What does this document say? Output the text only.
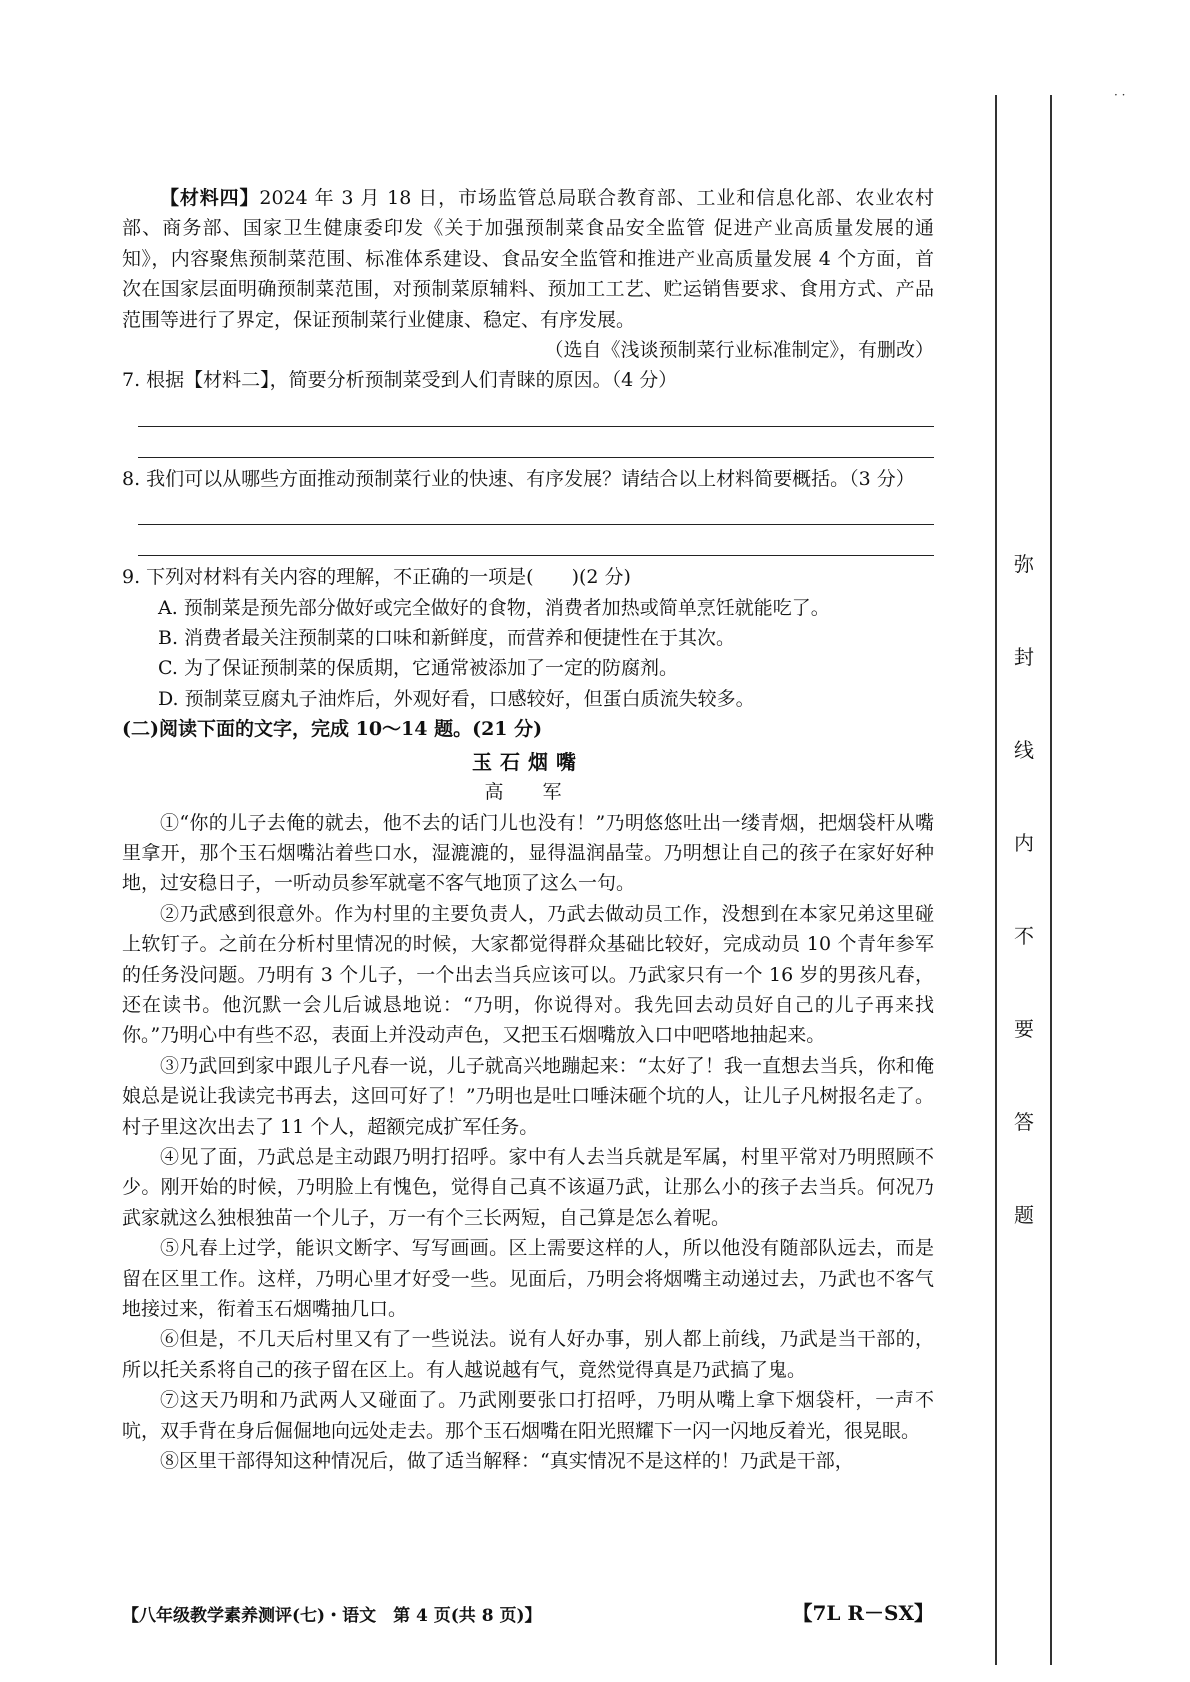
· ·

【材料四】2024 年 3 月 18 日，市场监管总局联合教育部、工业和信息化部、农业农村部、商务部、国家卫生健康委印发《关于加强预制菜食品安全监管 促进产业高质量发展的通知》，内容聚焦预制菜范围、标准体系建设、食品安全监管和推进产业高质量发展 4 个方面，首次在国家层面明确预制菜范围，对预制菜原辅料、预加工工艺、贮运销售要求、食用方式、产品范围等进行了界定，保证预制菜行业健康、稳定、有序发展。

（选自《浅谈预制菜行业标准制定》，有删改）

7. 根据【材料二】，简要分析预制菜受到人们青睐的原因。（4 分）

8. 我们可以从哪些方面推动预制菜行业的快速、有序发展？请结合以上材料简要概括。（3 分）

9. 下列对材料有关内容的理解，不正确的一项是(　　)(2 分)

A. 预制菜是预先部分做好或完全做好的食物，消费者加热或简单烹饪就能吃了。

B. 消费者最关注预制菜的口味和新鲜度，而营养和便捷性在于其次。

C. 为了保证预制菜的保质期，它通常被添加了一定的防腐剂。

D. 预制菜豆腐丸子油炸后，外观好看，口感较好，但蛋白质流失较多。

(二)阅读下面的文字，完成 10～14 题。(21 分)

玉石烟嘴

高　军

①“你的儿子去俺的就去，他不去的话门儿也没有！”乃明悠悠吐出一缕青烟，把烟袋杆从嘴里拿开，那个玉石烟嘴沾着些口水，湿漉漉的，显得温润晶莹。乃明想让自己的孩子在家好好种地，过安稳日子，一听动员参军就毫不客气地顶了这么一句。

②乃武感到很意外。作为村里的主要负责人，乃武去做动员工作，没想到在本家兄弟这里碰上软钉子。之前在分析村里情况的时候，大家都觉得群众基础比较好，完成动员 10 个青年参军的任务没问题。乃明有 3 个儿子，一个出去当兵应该可以。乃武家只有一个 16 岁的男孩凡春，还在读书。他沉默一会儿后诚恳地说：“乃明，你说得对。我先回去动员好自己的儿子再来找你。”乃明心中有些不忍，表面上并没动声色，又把玉石烟嘴放入口中吧嗒地抽起来。

③乃武回到家中跟儿子凡春一说，儿子就高兴地蹦起来：“太好了！我一直想去当兵，你和俺娘总是说让我读完书再去，这回可好了！”乃明也是吐口唾沫砸个坑的人，让儿子凡树报名走了。村子里这次出去了 11 个人，超额完成扩军任务。

④见了面，乃武总是主动跟乃明打招呼。家中有人去当兵就是军属，村里平常对乃明照顾不少。刚开始的时候，乃明脸上有愧色，觉得自己真不该逼乃武，让那么小的孩子去当兵。何况乃武家就这么独根独苗一个儿子，万一有个三长两短，自己算是怎么着呢。

⑤凡春上过学，能识文断字、写写画画。区上需要这样的人，所以他没有随部队远去，而是留在区里工作。这样，乃明心里才好受一些。见面后，乃明会将烟嘴主动递过去，乃武也不客气地接过来，衔着玉石烟嘴抽几口。

⑥但是，不几天后村里又有了一些说法。说有人好办事，别人都上前线，乃武是当干部的，所以托关系将自己的孩子留在区上。有人越说越有气，竟然觉得真是乃武搞了鬼。

⑦这天乃明和乃武两人又碰面了。乃武刚要张口打招呼，乃明从嘴上拿下烟袋杆，一声不吭，双手背在身后倔倔地向远处走去。那个玉石烟嘴在阳光照耀下一闪一闪地反着光，很晃眼。

⑧区里干部得知这种情况后，做了适当解释：“真实情况不是这样的！乃武是干部，

【八年级教学素养测评(七)・语文　第 4 页(共 8 页)】	【7L R－SX】
弥
封
线
内
不
要
答
题
